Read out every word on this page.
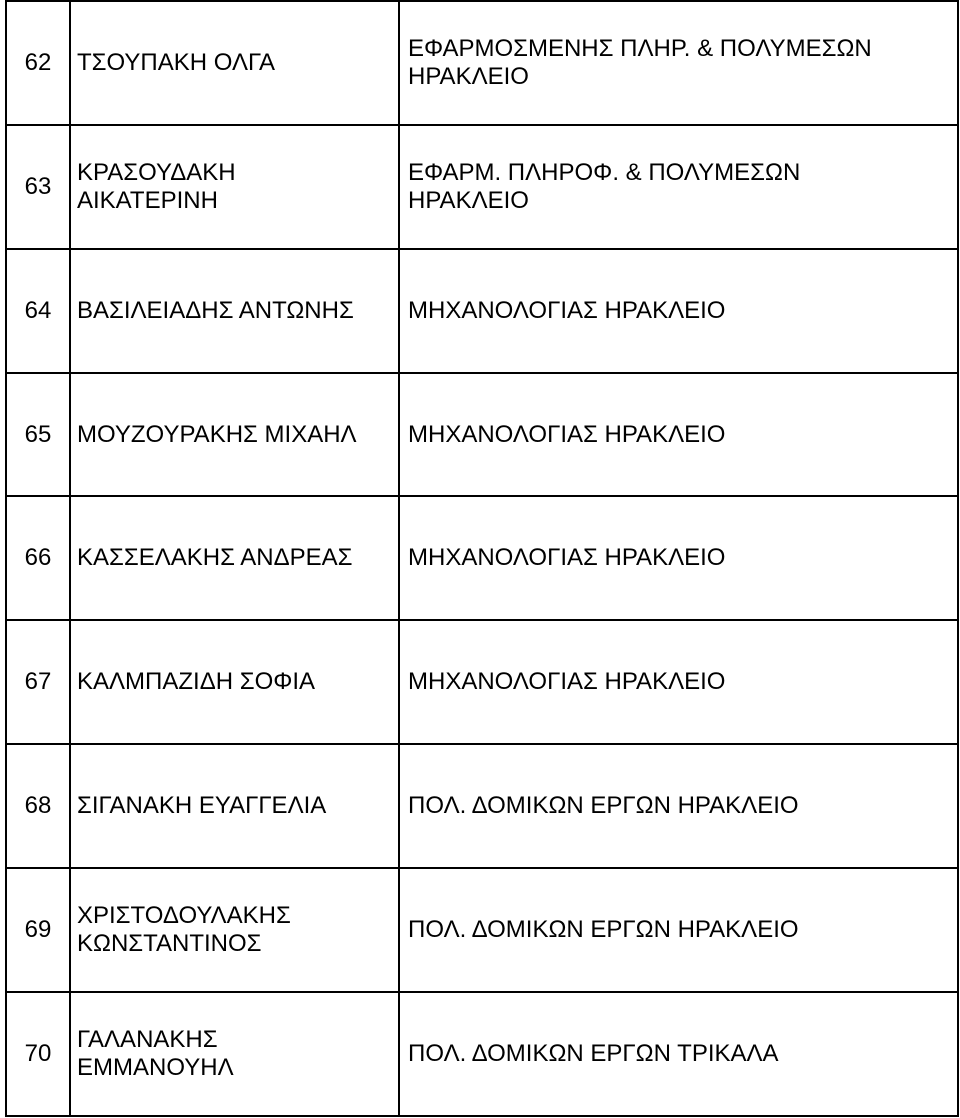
62	ΤΣΟΥΠΑΚΗ ΟΛΓΑ	ΕΦΑΡΜΟΣΜΕΝΗΣ ΠΛΗΡ. & ΠΟΛΥΜΕΣΩΝ
ΗΡΑΚΛΕΙΟ

63	ΚΡΑΣΟΥΔΑΚΗ
ΑΙΚΑΤΕΡΙΝΗ	ΕΦΑΡΜ. ΠΛΗΡΟΦ. & ΠΟΛΥΜΕΣΩΝ
ΗΡΑΚΛΕΙΟ

64	ΒΑΣΙΛΕΙΑΔΗΣ ΑΝΤΩΝΗΣ	ΜΗΧΑΝΟΛΟΓΙΑΣ ΗΡΑΚΛΕΙΟ

65	ΜΟΥΖΟΥΡΑΚΗΣ ΜΙΧΑΗΛ	ΜΗΧΑΝΟΛΟΓΙΑΣ ΗΡΑΚΛΕΙΟ

66	ΚΑΣΣΕΛΑΚΗΣ ΑΝΔΡΕΑΣ	ΜΗΧΑΝΟΛΟΓΙΑΣ ΗΡΑΚΛΕΙΟ

67	ΚΑΛΜΠΑΖΙΔΗ ΣΟΦΙΑ	ΜΗΧΑΝΟΛΟΓΙΑΣ ΗΡΑΚΛΕΙΟ

68	ΣΙΓΑΝΑΚΗ ΕΥΑΓΓΕΛΙΑ	ΠΟΛ. ΔΟΜΙΚΩΝ ΕΡΓΩΝ ΗΡΑΚΛΕΙΟ

69	ΧΡΙΣΤΟΔΟΥΛΑΚΗΣ
ΚΩΝΣΤΑΝΤΙΝΟΣ	ΠΟΛ. ΔΟΜΙΚΩΝ ΕΡΓΩΝ ΗΡΑΚΛΕΙΟ

70	ΓΑΛΑΝΑΚΗΣ
ΕΜΜΑΝΟΥΗΛ	ΠΟΛ. ΔΟΜΙΚΩΝ ΕΡΓΩΝ ΤΡΙΚΑΛΑ
